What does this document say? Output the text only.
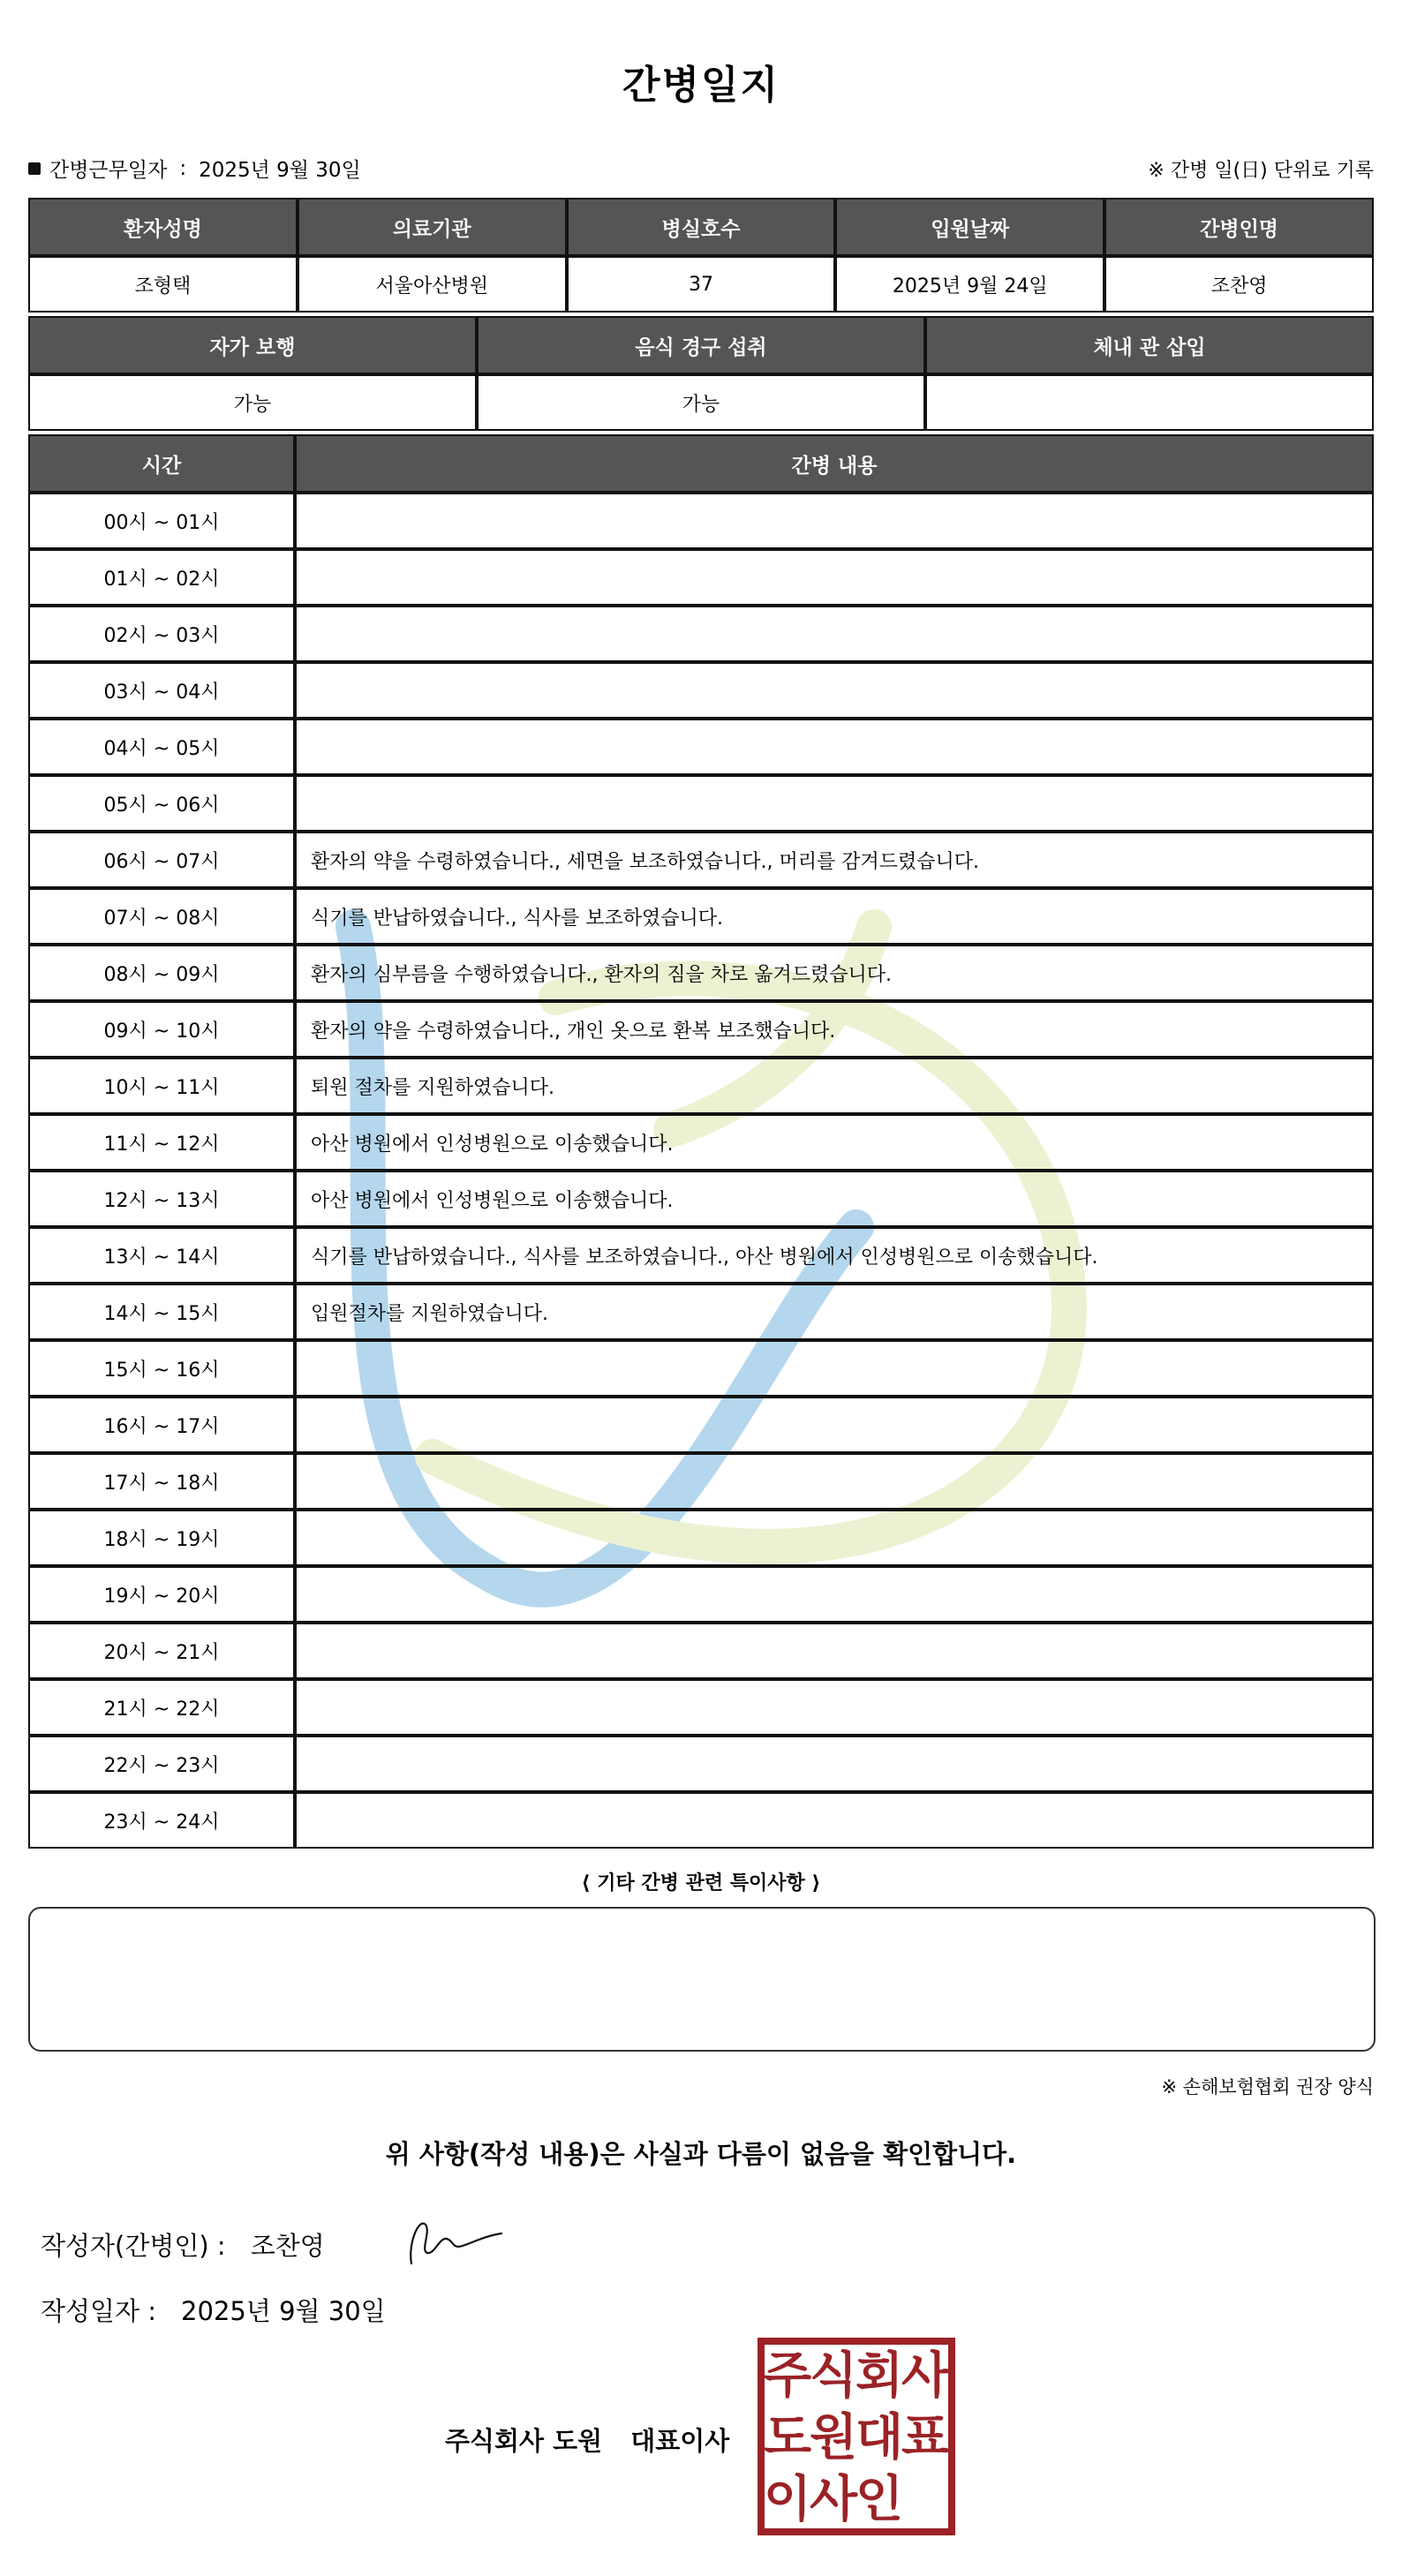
간병일지
간병근무일자 : 2025년 9월 30일	※ 간병 일(日) 단위로 기록
환자성명	의료기관	병실호수	입원날짜	간병인명
조형택	서울아산병원	37	2025년 9월 24일	조찬영
자가 보행	음식 경구 섭취	체내 관 삽입
가능	가능	
시간	간병 내용
00시 ~ 01시	
01시 ~ 02시	
02시 ~ 03시	
03시 ~ 04시	
04시 ~ 05시	
05시 ~ 06시	
06시 ~ 07시	환자의 약을 수령하였습니다., 세면을 보조하였습니다., 머리를 감겨드렸습니다.
07시 ~ 08시	식기를 반납하였습니다., 식사를 보조하였습니다.
08시 ~ 09시	환자의 심부름을 수행하였습니다., 환자의 짐을 차로 옮겨드렸습니다.
09시 ~ 10시	환자의 약을 수령하였습니다., 개인 옷으로 환복 보조했습니다.
10시 ~ 11시	퇴원 절차를 지원하였습니다.
11시 ~ 12시	아산 병원에서 인성병원으로 이송했습니다.
12시 ~ 13시	아산 병원에서 인성병원으로 이송했습니다.
13시 ~ 14시	식기를 반납하였습니다., 식사를 보조하였습니다., 아산 병원에서 인성병원으로 이송했습니다.
14시 ~ 15시	입원절차를 지원하였습니다.
15시 ~ 16시	
16시 ~ 17시	
17시 ~ 18시	
18시 ~ 19시	
19시 ~ 20시	
20시 ~ 21시	
21시 ~ 22시	
22시 ~ 23시	
23시 ~ 24시	
⟨ 기타 간병 관련 특이사항 ⟩
※ 손해보험협회 권장 양식
위 사항(작성 내용)은 사실과 다름이 없음을 확인합니다.
작성자(간병인) : 조찬영
작성일자 : 2025년 9월 30일
주식회사 도원 대표이사
주
식
회
사
도
원
대
표
이
사
인
